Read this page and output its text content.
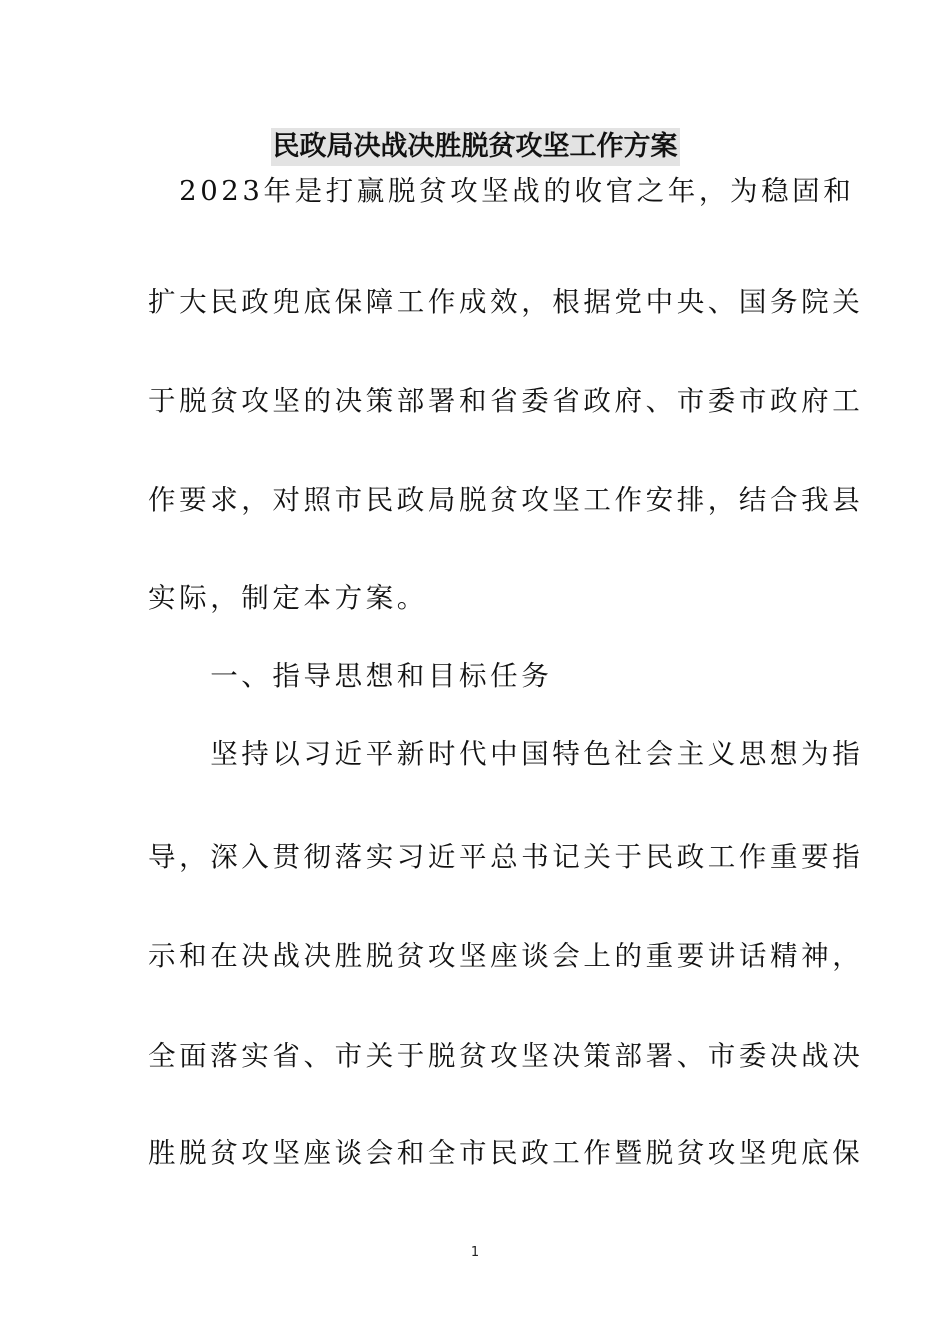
民政局决战决胜脱贫攻坚工作方案
　2023年是打赢脱贫攻坚战的收官之年，为稳固和
扩大民政兜底保障工作成效，根据党中央、国务院关
于脱贫攻坚的决策部署和省委省政府、市委市政府工
作要求，对照市民政局脱贫攻坚工作安排，结合我县
实际，制定本方案。
　　一、指导思想和目标任务
　　坚持以习近平新时代中国特色社会主义思想为指
导，深入贯彻落实习近平总书记关于民政工作重要指
示和在决战决胜脱贫攻坚座谈会上的重要讲话精神，
全面落实省、市关于脱贫攻坚决策部署、市委决战决
胜脱贫攻坚座谈会和全市民政工作暨脱贫攻坚兜底保
1
